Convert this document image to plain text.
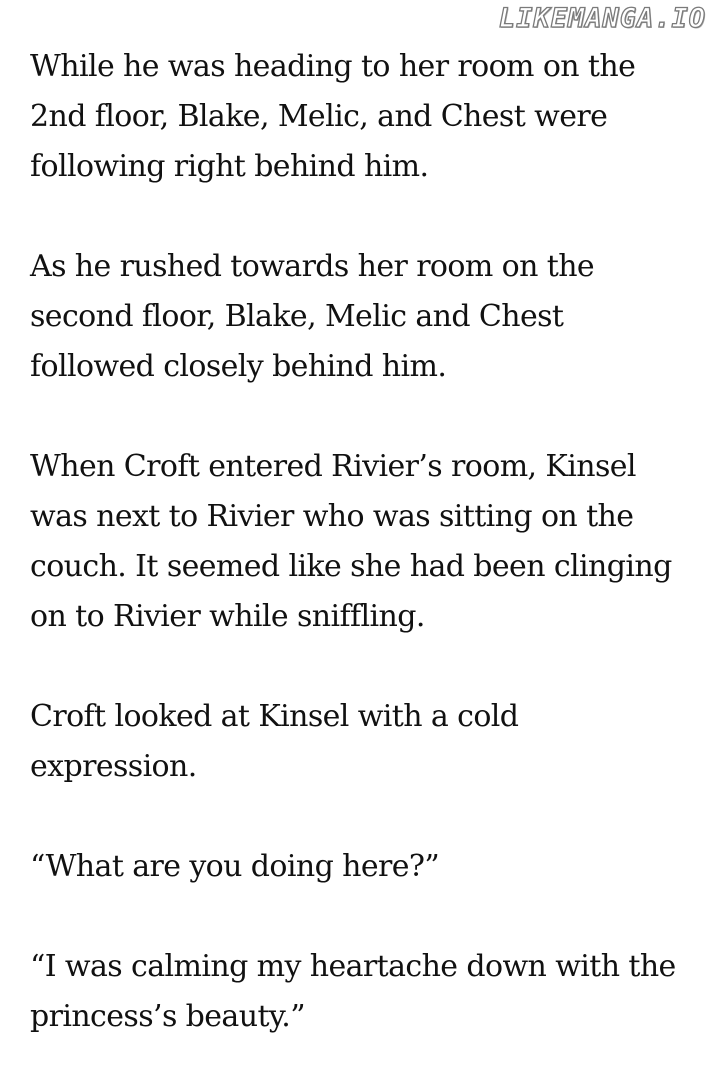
LIKEMANGA.IO

While he was heading to her room on the
2nd floor, Blake, Melic, and Chest were
following right behind him.

As he rushed towards her room on the
second floor, Blake, Melic and Chest
followed closely behind him.

When Croft entered Rivier’s room, Kinsel
was next to Rivier who was sitting on the
couch. It seemed like she had been clinging
on to Rivier while sniffling.

Croft looked at Kinsel with a cold
expression.

“What are you doing here?”

“I was calming my heartache down with the
princess’s beauty.”
